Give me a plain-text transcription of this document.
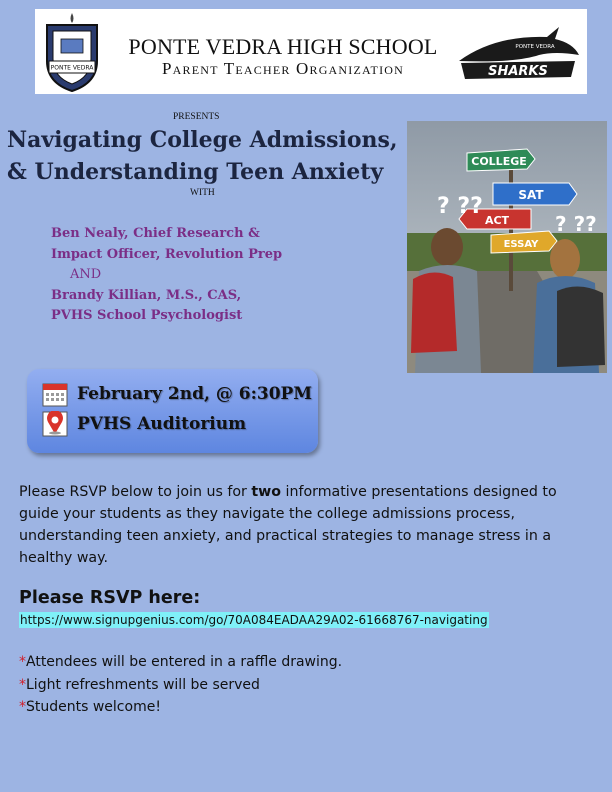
PONTE VEDRA
PONTE VEDRA HIGH SCHOOL
Parent Teacher Organization	SHARKS
PONTE VEDRA
PRESENTS
Navigating College Admissions,
& Understanding Teen Anxiety
WITH
Ben Nealy, Chief Research &
Impact Officer, Revolution Prep
AND
Brandy Killian, M.S., CAS,
PVHS School Psychologist
COLLEGE
SAT
ACT
ESSAY
? ??
? ??
February 2nd, @ 6:30PM
PVHS Auditorium
Please RSVP below to join us for two informative presentations designed to guide your students as they navigate the college admissions process, understanding teen anxiety, and practical strategies to manage stress in a healthy way.
Please RSVP here:
https://www.signupgenius.com/go/70A084EADAA29A02-61668767-navigating
*Attendees will be entered in a raffle drawing.
*Light refreshments will be served
*Students welcome!
